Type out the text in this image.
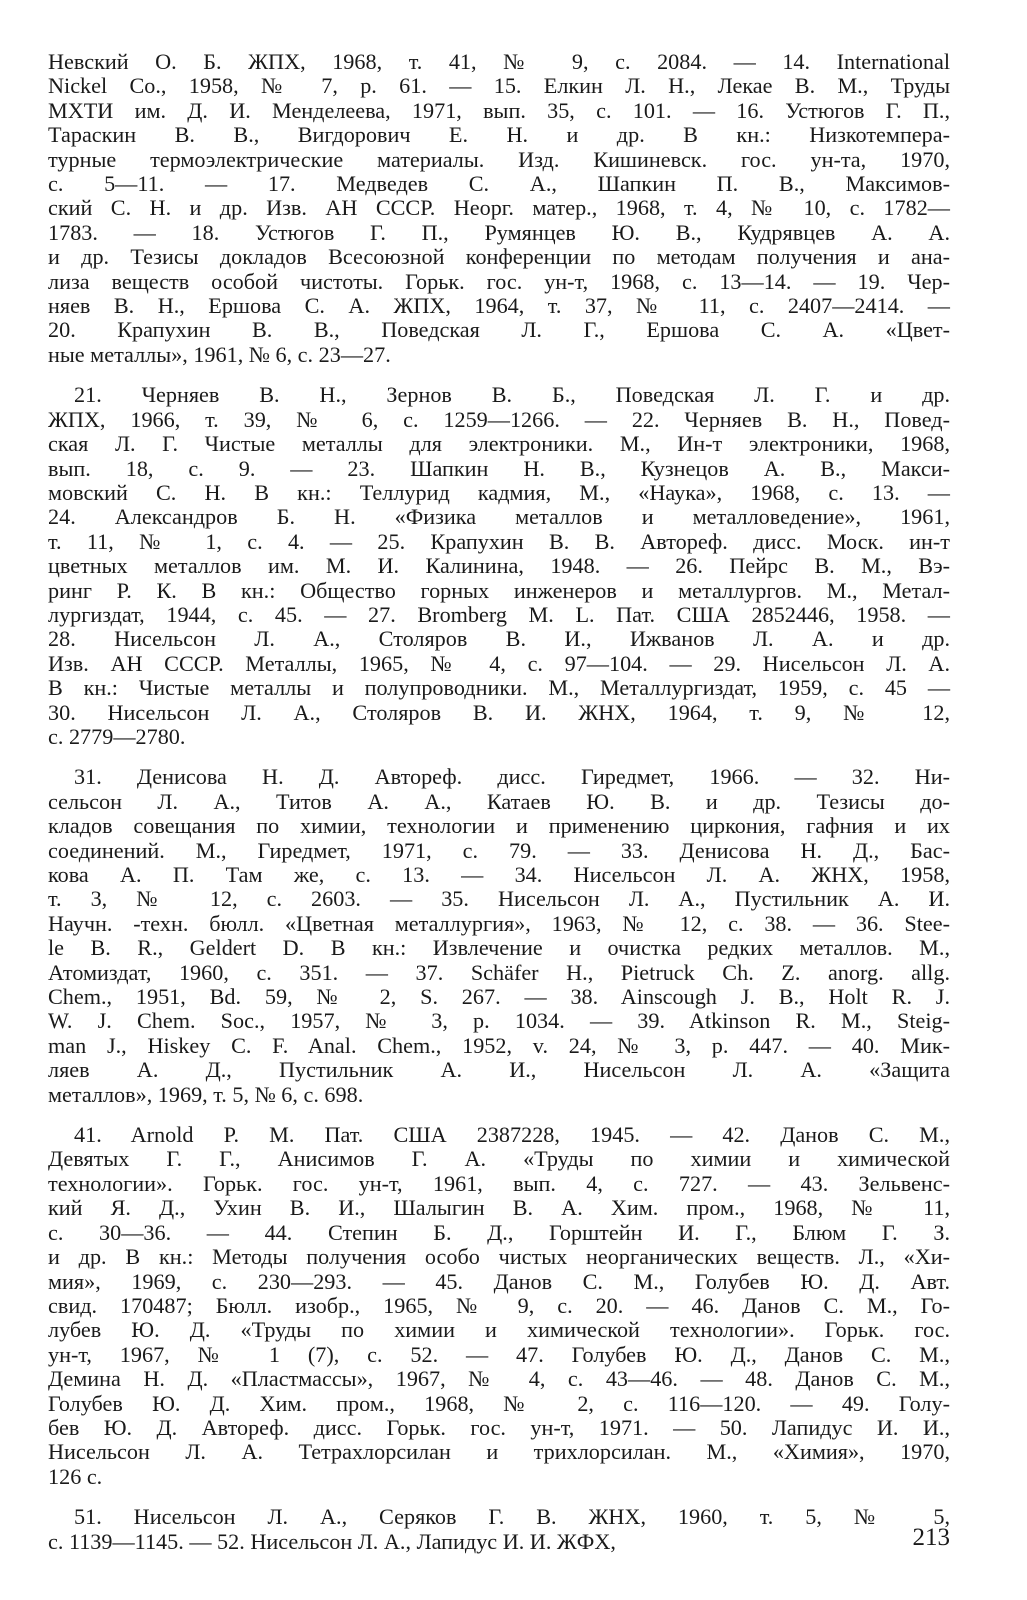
Невский О. Б. ЖПХ, 1968, т. 41, № 9, с. 2084. — 14. International
Nickel Co., 1958, № 7, p. 61. — 15. Елкин Л. Н., Лекае В. М., Труды
МХТИ им. Д. И. Менделеева, 1971, вып. 35, с. 101. — 16. Устюгов Г. П.,
Тараскин В. В., Вигдорович Е. Н. и др. В кн.: Низкотемпера-
турные термоэлектрические материалы. Изд. Кишиневск. гос. ун-та, 1970,
с. 5—11. — 17. Медведев С. А., Шапкин П. В., Максимов-
ский С. Н. и др. Изв. АН СССР. Неорг. матер., 1968, т. 4, № 10, с. 1782—
1783. — 18. Устюгов Г. П., Румянцев Ю. В., Кудрявцев А. А.
и др. Тезисы докладов Всесоюзной конференции по методам получения и ана-
лиза веществ особой чистоты. Горьк. гос. ун-т, 1968, с. 13—14. — 19. Чер-
няев В. Н., Ершова С. А. ЖПХ, 1964, т. 37, № 11, с. 2407—2414. —
20. Крапухин В. В., Поведская Л. Г., Ершова С. А. «Цвет-
ные металлы», 1961, № 6, с. 23—27.
21. Черняев В. Н., Зернов В. Б., Поведская Л. Г. и др.
ЖПХ, 1966, т. 39, № 6, с. 1259—1266. — 22. Черняев В. Н., Повед-
ская Л. Г. Чистые металлы для электроники. М., Ин-т электроники, 1968,
вып. 18, с. 9. — 23. Шапкин Н. В., Кузнецов А. В., Макси-
мовский С. Н. В кн.: Теллурид кадмия, М., «Наука», 1968, с. 13. —
24. Александров Б. Н. «Физика металлов и металловедение», 1961,
т. 11, № 1, с. 4. — 25. Крапухин В. В. Автореф. дисс. Моск. ин-т
цветных металлов им. М. И. Калинина, 1948. — 26. Пейрс В. М., Вэ-
ринг Р. К. В кн.: Общество горных инженеров и металлургов. М., Метал-
лургиздат, 1944, с. 45. — 27. Bromberg M. L. Пат. США 2852446, 1958. —
28. Нисельсон Л. А., Столяров В. И., Ижванов Л. А. и др.
Изв. АН СССР. Металлы, 1965, № 4, с. 97—104. — 29. Нисельсон Л. А.
В кн.: Чистые металлы и полупроводники. М., Металлургиздат, 1959, с. 45 —
30. Нисельсон Л. А., Столяров В. И. ЖНХ, 1964, т. 9, № 12,
с. 2779—2780.
31. Денисова Н. Д. Автореф. дисс. Гиредмет, 1966. — 32. Ни-
сельсон Л. А., Титов А. А., Катаев Ю. В. и др. Тезисы до-
кладов совещания по химии, технологии и применению циркония, гафния и их
соединений. М., Гиредмет, 1971, с. 79. — 33. Денисова Н. Д., Бас-
кова А. П. Там же, с. 13. — 34. Нисельсон Л. А. ЖНХ, 1958,
т. 3, № 12, с. 2603. — 35. Нисельсон Л. А., Пустильник А. И.
Научн. -техн. бюлл. «Цветная металлургия», 1963, № 12, с. 38. — 36. Stee-
le B. R., Geldert D. В кн.: Извлечение и очистка редких металлов. М.,
Атомиздат, 1960, с. 351. — 37. Schäfer H., Pietruck Ch. Z. anorg. allg.
Chem., 1951, Bd. 59, № 2, S. 267. — 38. Ainscough J. B., Holt R. J.
W. J. Chem. Soc., 1957, № 3, p. 1034. — 39. Atkinson R. M., Steig-
man J., Hiskey C. F. Anal. Chem., 1952, v. 24, № 3, p. 447. — 40. Мик-
ляев А. Д., Пустильник А. И., Нисельсон Л. А. «Защита
металлов», 1969, т. 5, № 6, с. 698.
41. Arnold P. M. Пат. США 2387228, 1945. — 42. Данов С. М.,
Девятых Г. Г., Анисимов Г. А. «Труды по химии и химической
технологии». Горьк. гос. ун-т, 1961, вып. 4, с. 727. — 43. Зельвенс-
кий Я. Д., Ухин В. И., Шалыгин В. А. Хим. пром., 1968, № 11,
с. 30—36. — 44. Степин Б. Д., Горштейн И. Г., Блюм Г. З.
и др. В кн.: Методы получения особо чистых неорганических веществ. Л., «Хи-
мия», 1969, с. 230—293. — 45. Данов С. М., Голубев Ю. Д. Авт.
свид. 170487; Бюлл. изобр., 1965, № 9, с. 20. — 46. Данов С. М., Го-
лубев Ю. Д. «Труды по химии и химической технологии». Горьк. гос.
ун-т, 1967, № 1 (7), с. 52. — 47. Голубев Ю. Д., Данов С. М.,
Демина Н. Д. «Пластмассы», 1967, № 4, с. 43—46. — 48. Данов С. М.,
Голубев Ю. Д. Хим. пром., 1968, № 2, с. 116—120. — 49. Голу-
бев Ю. Д. Автореф. дисс. Горьк. гос. ун-т, 1971. — 50. Лапидус И. И.,
Нисельсон Л. А. Тетрахлорсилан и трихлорсилан. М., «Химия», 1970,
126 с.
51. Нисельсон Л. А., Серяков Г. В. ЖНХ, 1960, т. 5, № 5,
с. 1139—1145. — 52. Нисельсон Л. А., Лапидус И. И. ЖФХ,	213
